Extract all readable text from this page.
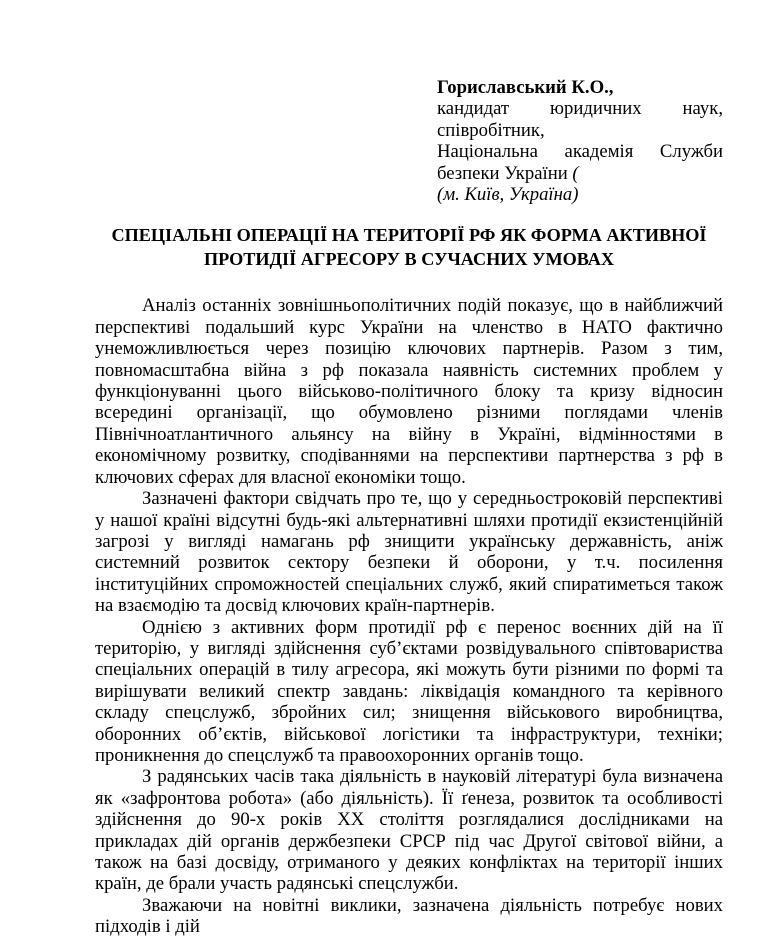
Гориславський К.О.,

кандидат юридичних наук,

співробітник,

Національна академія Служби

безпеки України (

(м. Київ, Україна)

СПЕЦІАЛЬНІ ОПЕРАЦІЇ НА ТЕРИТОРІЇ РФ ЯК ФОРМА АКТИВНОЇ
ПРОТИДІЇ АГРЕСОРУ В СУЧАСНИХ УМОВАХ

Аналіз останніх зовнішньополітичних подій показує, що в найближчий перспективі подальший курс України на членство в НАТО фактично унеможливлюється через позицію ключових партнерів. Разом з тим, повномасштабна війна з рф показала наявність системних проблем у функціонуванні цього військово-політичного блоку та кризу відносин всередині організації, що обумовлено різними поглядами членів Північноатлантичного альянсу на війну в Україні, відмінностями в економічному розвитку, сподіваннями на перспективи партнерства з рф в ключових сферах для власної економіки тощо.

Зазначені фактори свідчать про те, що у середньостроковій перспективі у нашої країні відсутні будь-які альтернативні шляхи протидії екзистенційній загрозі у вигляді намагань рф знищити українську державність, аніж системний розвиток сектору безпеки й оборони, у т.ч. посилення інституційних спроможностей спеціальних служб, який спиратиметься також на взаємодію та досвід ключових країн-партнерів.

Однією з активних форм протидії рф є перенос воєнних дій на її територію, у вигляді здійснення суб’єктами розвідувального співтовариства спеціальних операцій в тилу агресора, які можуть бути різними по формі та вирішувати великий спектр завдань: ліквідація командного та керівного складу спецслужб, збройних сил; знищення військового виробництва, оборонних об’єктів, військової логістики та інфраструктури, техніки; проникнення до спецслужб та правоохоронних органів тощо.

З радянських часів така діяльність в науковій літературі була визначена як «зафронтова робота» (або діяльність). Її ґенеза, розвиток та особливості здійснення до 90-х років ХХ століття розглядалися дослідниками на прикладах дій органів держбезпеки СРСР під час Другої світової війни, а також на базі досвіду, отриманого у деяких конфліктах на території інших країн, де брали участь радянські спецслужби.

Зважаючи на новітні виклики, зазначена діяльність потребує нових підходів і дій
